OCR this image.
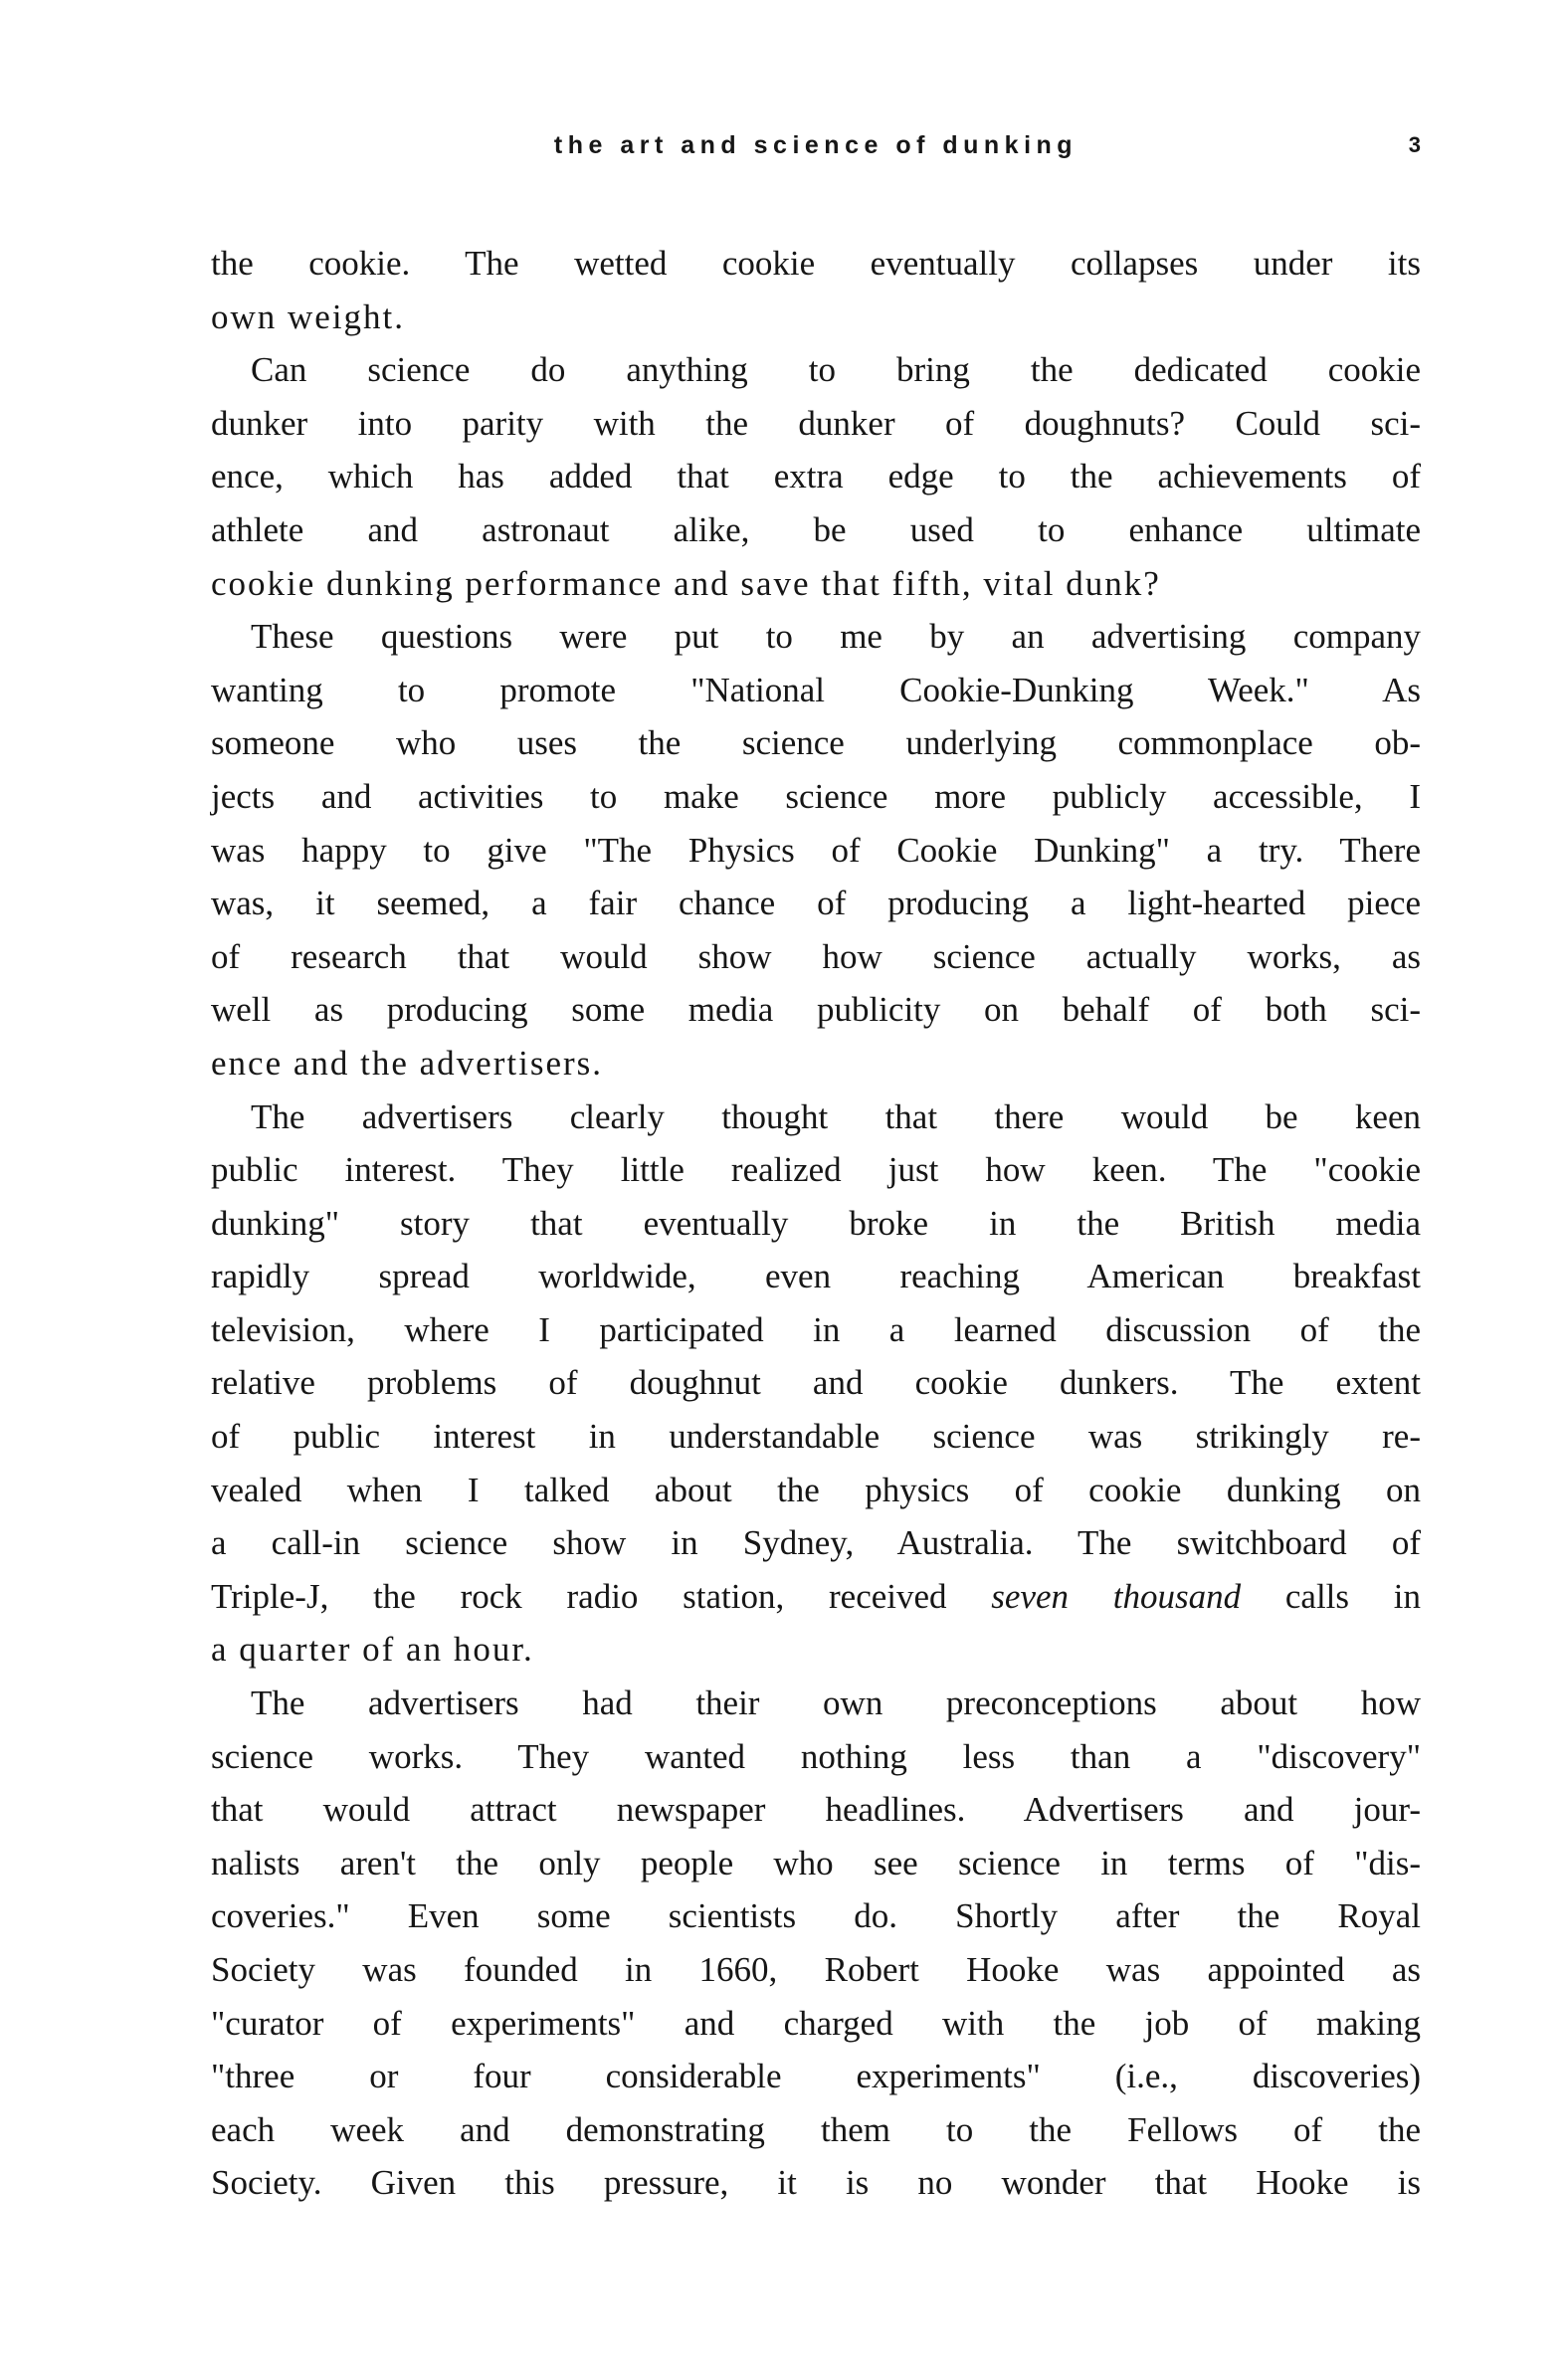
the art and science of dunking	3
the cookie. The wetted cookie eventually collapses under its
own weight.
Can science do anything to bring the dedicated cookie
dunker into parity with the dunker of doughnuts? Could sci-
ence, which has added that extra edge to the achievements of
athlete and astronaut alike, be used to enhance ultimate
cookie dunking performance and save that fifth, vital dunk?
These questions were put to me by an advertising company
wanting to promote "National Cookie-Dunking Week." As
someone who uses the science underlying commonplace ob-
jects and activities to make science more publicly accessible, I
was happy to give "The Physics of Cookie Dunking" a try. There
was, it seemed, a fair chance of producing a light-hearted piece
of research that would show how science actually works, as
well as producing some media publicity on behalf of both sci-
ence and the advertisers.
The advertisers clearly thought that there would be keen
public interest. They little realized just how keen. The "cookie
dunking" story that eventually broke in the British media
rapidly spread worldwide, even reaching American breakfast
television, where I participated in a learned discussion of the
relative problems of doughnut and cookie dunkers. The extent
of public interest in understandable science was strikingly re-
vealed when I talked about the physics of cookie dunking on
a call-in science show in Sydney, Australia. The switchboard of
Triple-J, the rock radio station, received seven thousand calls in
a quarter of an hour.
The advertisers had their own preconceptions about how
science works. They wanted nothing less than a "discovery"
that would attract newspaper headlines. Advertisers and jour-
nalists aren't the only people who see science in terms of "dis-
coveries." Even some scientists do. Shortly after the Royal
Society was founded in 1660, Robert Hooke was appointed as
"curator of experiments" and charged with the job of making
"three or four considerable experiments" (i.e., discoveries)
each week and demonstrating them to the Fellows of the
Society. Given this pressure, it is no wonder that Hooke is
